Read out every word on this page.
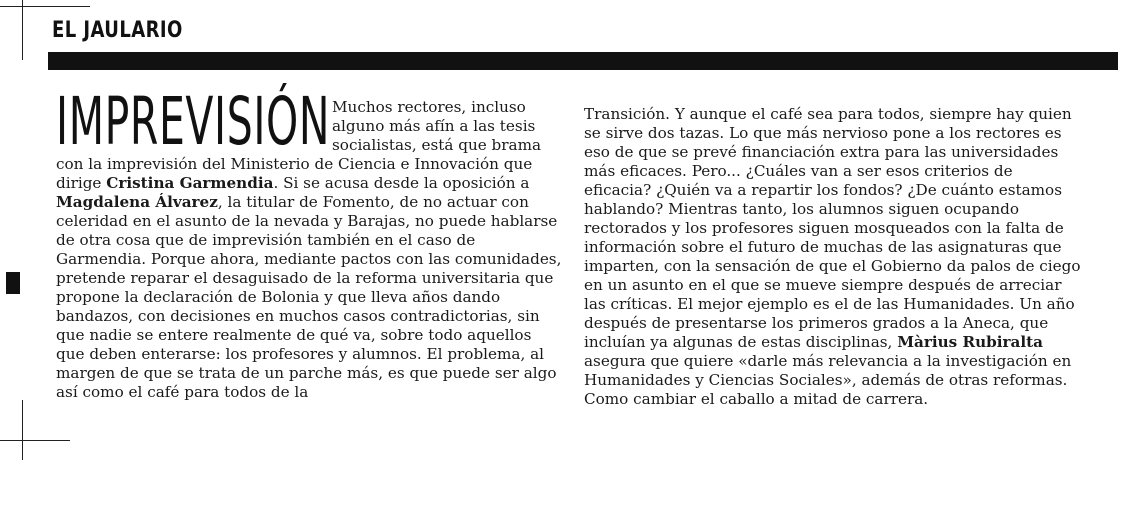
EL JAULARIO
IMPREVISIÓN Muchos rectores, incluso alguno más afín a las tesis socialistas, está que brama con la imprevisión del Ministerio de Ciencia e Innovación que dirige Cristina Garmendia. Si se acusa desde la oposición a Magdalena Álvarez, la titular de Fomento, de no actuar con celeridad en el asunto de la nevada y Barajas, no puede hablarse de otra cosa que de imprevisión también en el caso de Garmendia. Porque ahora, mediante pactos con las comunidades, pretende reparar el desaguisado de la reforma universitaria que propone la declaración de Bolonia y que lleva años dando bandazos, con decisiones en muchos casos contradictorias, sin que nadie se entere realmente de qué va, sobre todo aquellos que deben enterarse: los profesores y alumnos. El problema, al margen de que se trata de un parche más, es que puede ser algo así como el café para todos de la

Transición. Y aunque el café sea para todos, siempre hay quien se sirve dos tazas. Lo que más nervioso pone a los rectores es eso de que se prevé financiación extra para las universidades más eficaces. Pero... ¿Cuáles van a ser esos criterios de eficacia? ¿Quién va a repartir los fondos? ¿De cuánto estamos hablando? Mientras tanto, los alumnos siguen ocupando rectorados y los profesores siguen mosqueados con la falta de información sobre el futuro de muchas de las asignaturas que imparten, con la sensación de que el Gobierno da palos de ciego en un asunto en el que se mueve siempre después de arreciar las críticas. El mejor ejemplo es el de las Humanidades. Un año después de presentarse los primeros grados a la Aneca, que incluían ya algunas de estas disciplinas, Màrius Rubiralta asegura que quiere «darle más relevancia a la investigación en Humanidades y Ciencias Sociales», además de otras reformas. Como cambiar el caballo a mitad de carrera.
